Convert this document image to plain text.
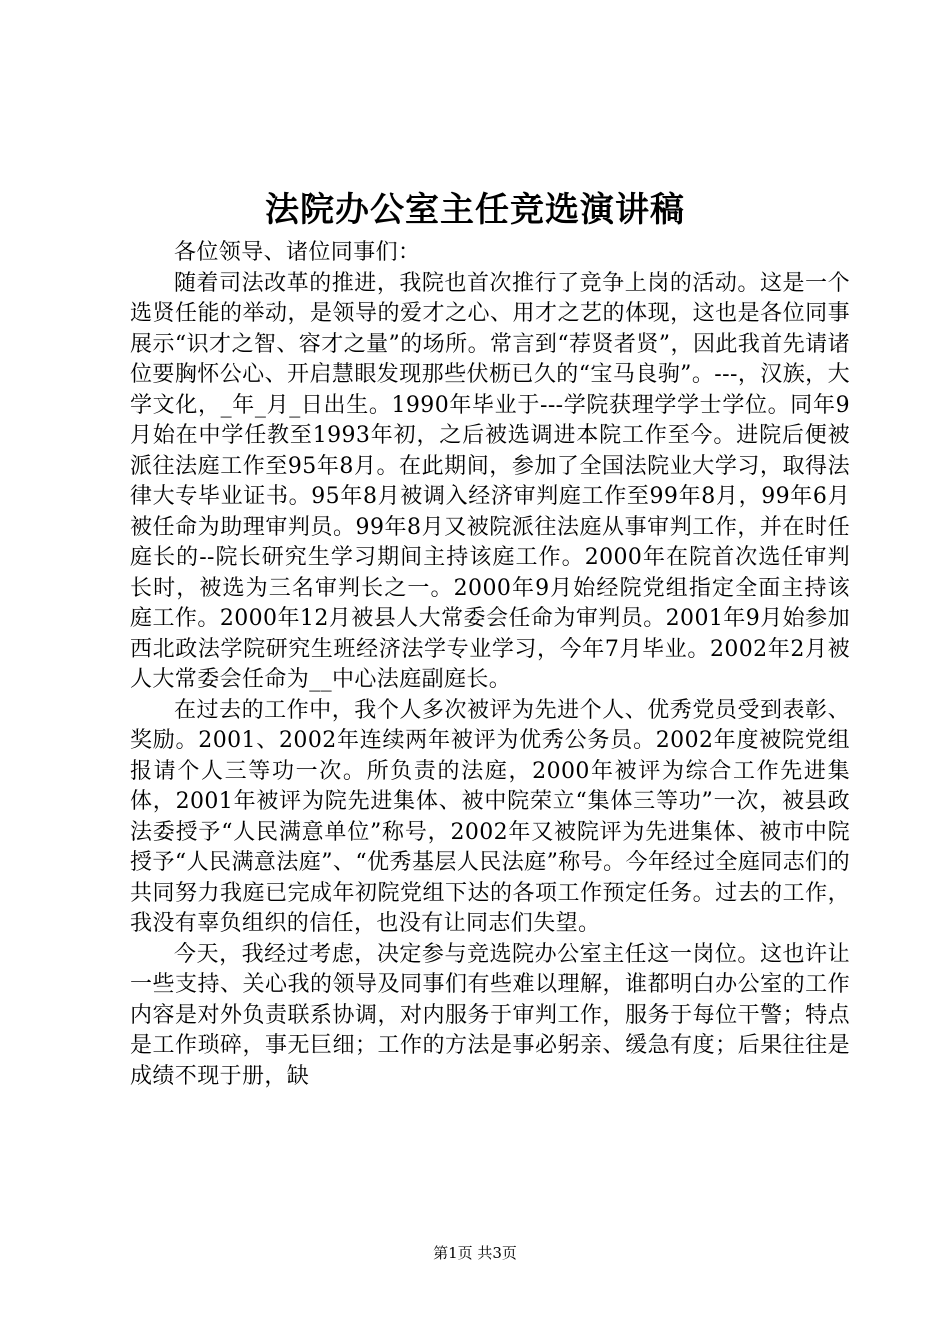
法院办公室主任竞选演讲稿

各位领导、诸位同事们：

随着司法改革的推进，我院也首次推行了竞争上岗的活动。这是一个选贤任能的举动，是领导的爱才之心、用才之艺的体现，这也是各位同事展示“识才之智、容才之量”的场所。常言到“荐贤者贤”，因此我首先请诸位要胸怀公心、开启慧眼发现那些伏枥已久的“宝马良驹”。---，汉族，大学文化，_年_月_日出生。1990年毕业于---学院获理学学士学位。同年9月始在中学任教至1993年初，之后被选调进本院工作至今。进院后便被派往法庭工作至95年8月。在此期间，参加了全国法院业大学习，取得法律大专毕业证书。95年8月被调入经济审判庭工作至99年8月，99年6月被任命为助理审判员。99年8月又被院派往法庭从事审判工作，并在时任庭长的--院长研究生学习期间主持该庭工作。2000年在院首次选任审判长时，被选为三名审判长之一。2000年9月始经院党组指定全面主持该庭工作。2000年12月被县人大常委会任命为审判员。2001年9月始参加西北政法学院研究生班经济法学专业学习，今年7月毕业。2002年2月被人大常委会任命为__中心法庭副庭长。

在过去的工作中，我个人多次被评为先进个人、优秀党员受到表彰、奖励。2001、2002年连续两年被评为优秀公务员。2002年度被院党组报请个人三等功一次。所负责的法庭，2000年被评为综合工作先进集体，2001年被评为院先进集体、被中院荣立“集体三等功”一次，被县政法委授予“人民满意单位”称号，2002年又被院评为先进集体、被市中院授予“人民满意法庭”、“优秀基层人民法庭”称号。今年经过全庭同志们的共同努力我庭已完成年初院党组下达的各项工作预定任务。过去的工作，我没有辜负组织的信任，也没有让同志们失望。

今天，我经过考虑，决定参与竞选院办公室主任这一岗位。这也许让一些支持、关心我的领导及同事们有些难以理解，谁都明白办公室的工作内容是对外负责联系协调，对内服务于审判工作，服务于每位干警；特点是工作琐碎，事无巨细；工作的方法是事必躬亲、缓急有度；后果往往是成绩不现于册，缺

第1页 共3页
